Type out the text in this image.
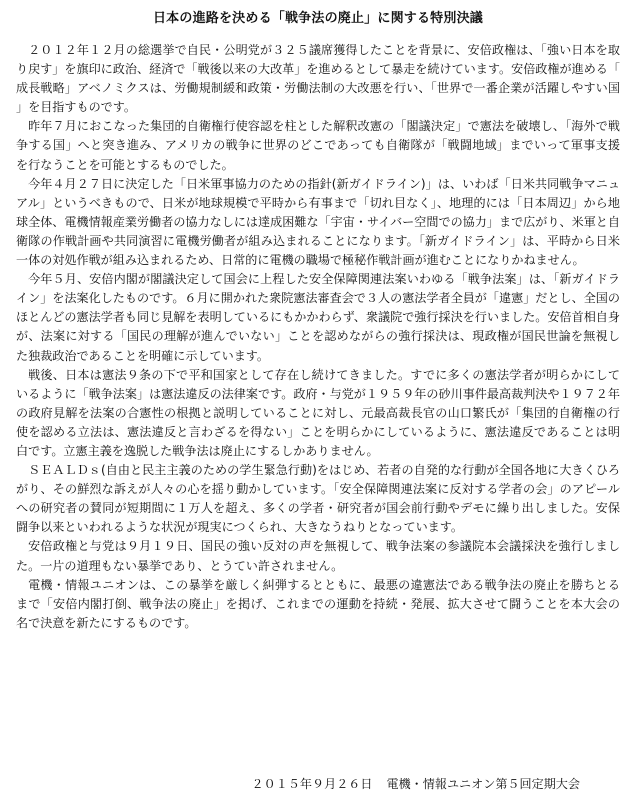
日本の進路を決める「戦争法の廃止」に関する特別決議

２０１２年１２月の総選挙で自民・公明党が３２５議席獲得したことを背景に、安倍政権は、「強い日本を取り戻す」を旗印に政治、経済で「戦後以来の大改革」を進めるとして暴走を続けています。安倍政権が進める「成長戦略」アベノミクスは、労働規制緩和政策・労働法制の大改悪を行い、「世界で一番企業が活躍しやすい国」を目指すものです。

昨年７月におこなった集団的自衛権行使容認を柱とした解釈改憲の「閣議決定」で憲法を破壊し、「海外で戦争する国」へと突き進み、アメリカの戦争に世界のどこであっても自衛隊が「戦闘地域」までいって軍事支援を行なうことを可能とするものでした。

今年４月２７日に決定した「日米軍事協力のための指針(新ガイドライン)」は、いわば「日米共同戦争マニュアル」というべきもので、日米が地球規模で平時から有事まで「切れ目なく」、地理的には「日本周辺」から地球全体、電機情報産業労働者の協力なしには達成困難な「宇宙・サイバー空間での協力」まで広がり、米軍と自衛隊の作戦計画や共同演習に電機労働者が組み込まれることになります。「新ガイドライン」は、平時から日米一体の対処作戦が組み込まれるため、日常的に電機の職場で極秘作戦計画が進むことになりかねません。

今年５月、安倍内閣が閣議決定して国会に上程した安全保障関連法案いわゆる「戦争法案」は、「新ガイドライン」を法案化したものです。６月に開かれた衆院憲法審査会で３人の憲法学者全員が「違憲」だとし、全国のほとんどの憲法学者も同じ見解を表明しているにもかかわらず、衆議院で強行採決を行いました。安倍首相自身が、法案に対する「国民の理解が進んでいない」ことを認めながらの強行採決は、現政権が国民世論を無視した独裁政治であることを明確に示しています。

戦後、日本は憲法９条の下で平和国家として存在し続けてきました。すでに多くの憲法学者が明らかにしているように「戦争法案」は憲法違反の法律案です。政府・与党が１９５９年の砂川事件最高裁判決や１９７２年の政府見解を法案の合憲性の根拠と説明していることに対し、元最高裁長官の山口繁氏が「集団的自衛権の行使を認める立法は、憲法違反と言わざるを得ない」ことを明らかにしているように、憲法違反であることは明白です。立憲主義を逸脱した戦争法は廃止にするしかありません。

ＳＥＡＬＤｓ(自由と民主主義のための学生緊急行動)をはじめ、若者の自発的な行動が全国各地に大きくひろがり、その鮮烈な訴えが人々の心を揺り動かしています。「安全保障関連法案に反対する学者の会」のアピールへの研究者の賛同が短期間に１万人を超え、多くの学者・研究者が国会前行動やデモに繰り出しました。安保闘争以来といわれるような状況が現実につくられ、大きなうねりとなっています。

安倍政権と与党は９月１９日、国民の強い反対の声を無視して、戦争法案の参議院本会議採決を強行しました。一片の道理もない暴挙であり、とうてい許されません。

電機・情報ユニオンは、この暴挙を厳しく糾弾するとともに、最悪の違憲法である戦争法の廃止を勝ちとるまで「安倍内閣打倒、戦争法の廃止」を掲げ、これまでの運動を持続・発展、拡大させて闘うことを本大会の名で決意を新たにするものです。

２０１５年９月２６日 電機・情報ユニオン第５回定期大会
